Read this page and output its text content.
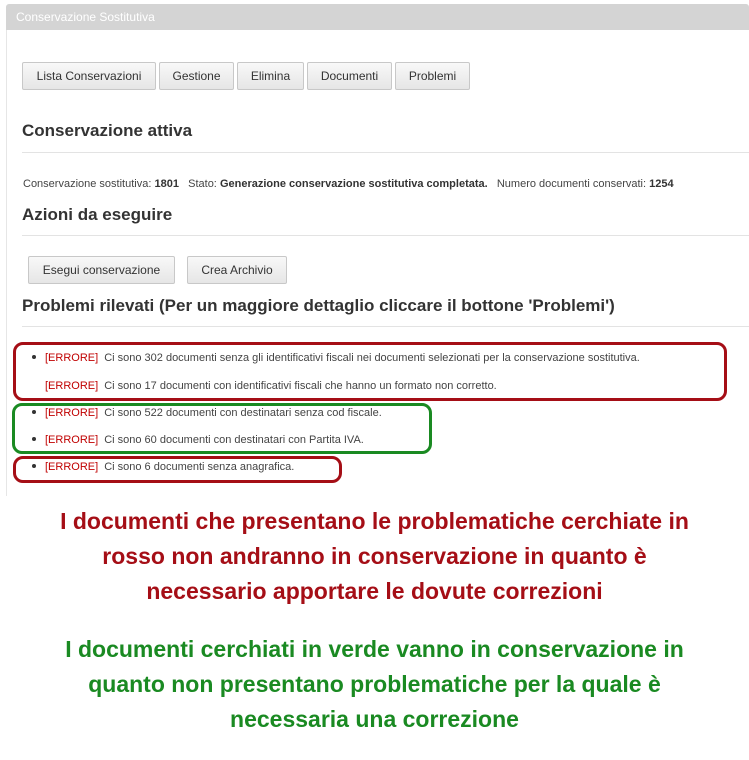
Conservazione Sostitutiva
Lista Conservazioni	Gestione	Elimina	Documenti	Problemi
Conservazione attiva
Conservazione sostitutiva: 1801 Stato: Generazione conservazione sostitutiva completata. Numero documenti conservati: 1254
Azioni da eseguire
Esegui conservazione	Crea Archivio
Problemi rilevati (Per un maggiore dettaglio cliccare il bottone 'Problemi')
[ERRORE] Ci sono 302 documenti senza gli identificativi fiscali nei documenti selezionati per la conservazione sostitutiva.
[ERRORE] Ci sono 17 documenti con identificativi fiscali che hanno un formato non corretto.
[ERRORE] Ci sono 522 documenti con destinatari senza cod fiscale.
[ERRORE] Ci sono 60 documenti con destinatari con Partita IVA.
[ERRORE] Ci sono 6 documenti senza anagrafica.
I documenti che presentano le problematiche cerchiate in
rosso non andranno in conservazione in quanto è
necessario apportare le dovute correzioni
I documenti cerchiati in verde vanno in conservazione in
quanto non presentano problematiche per la quale è
necessaria una correzione
